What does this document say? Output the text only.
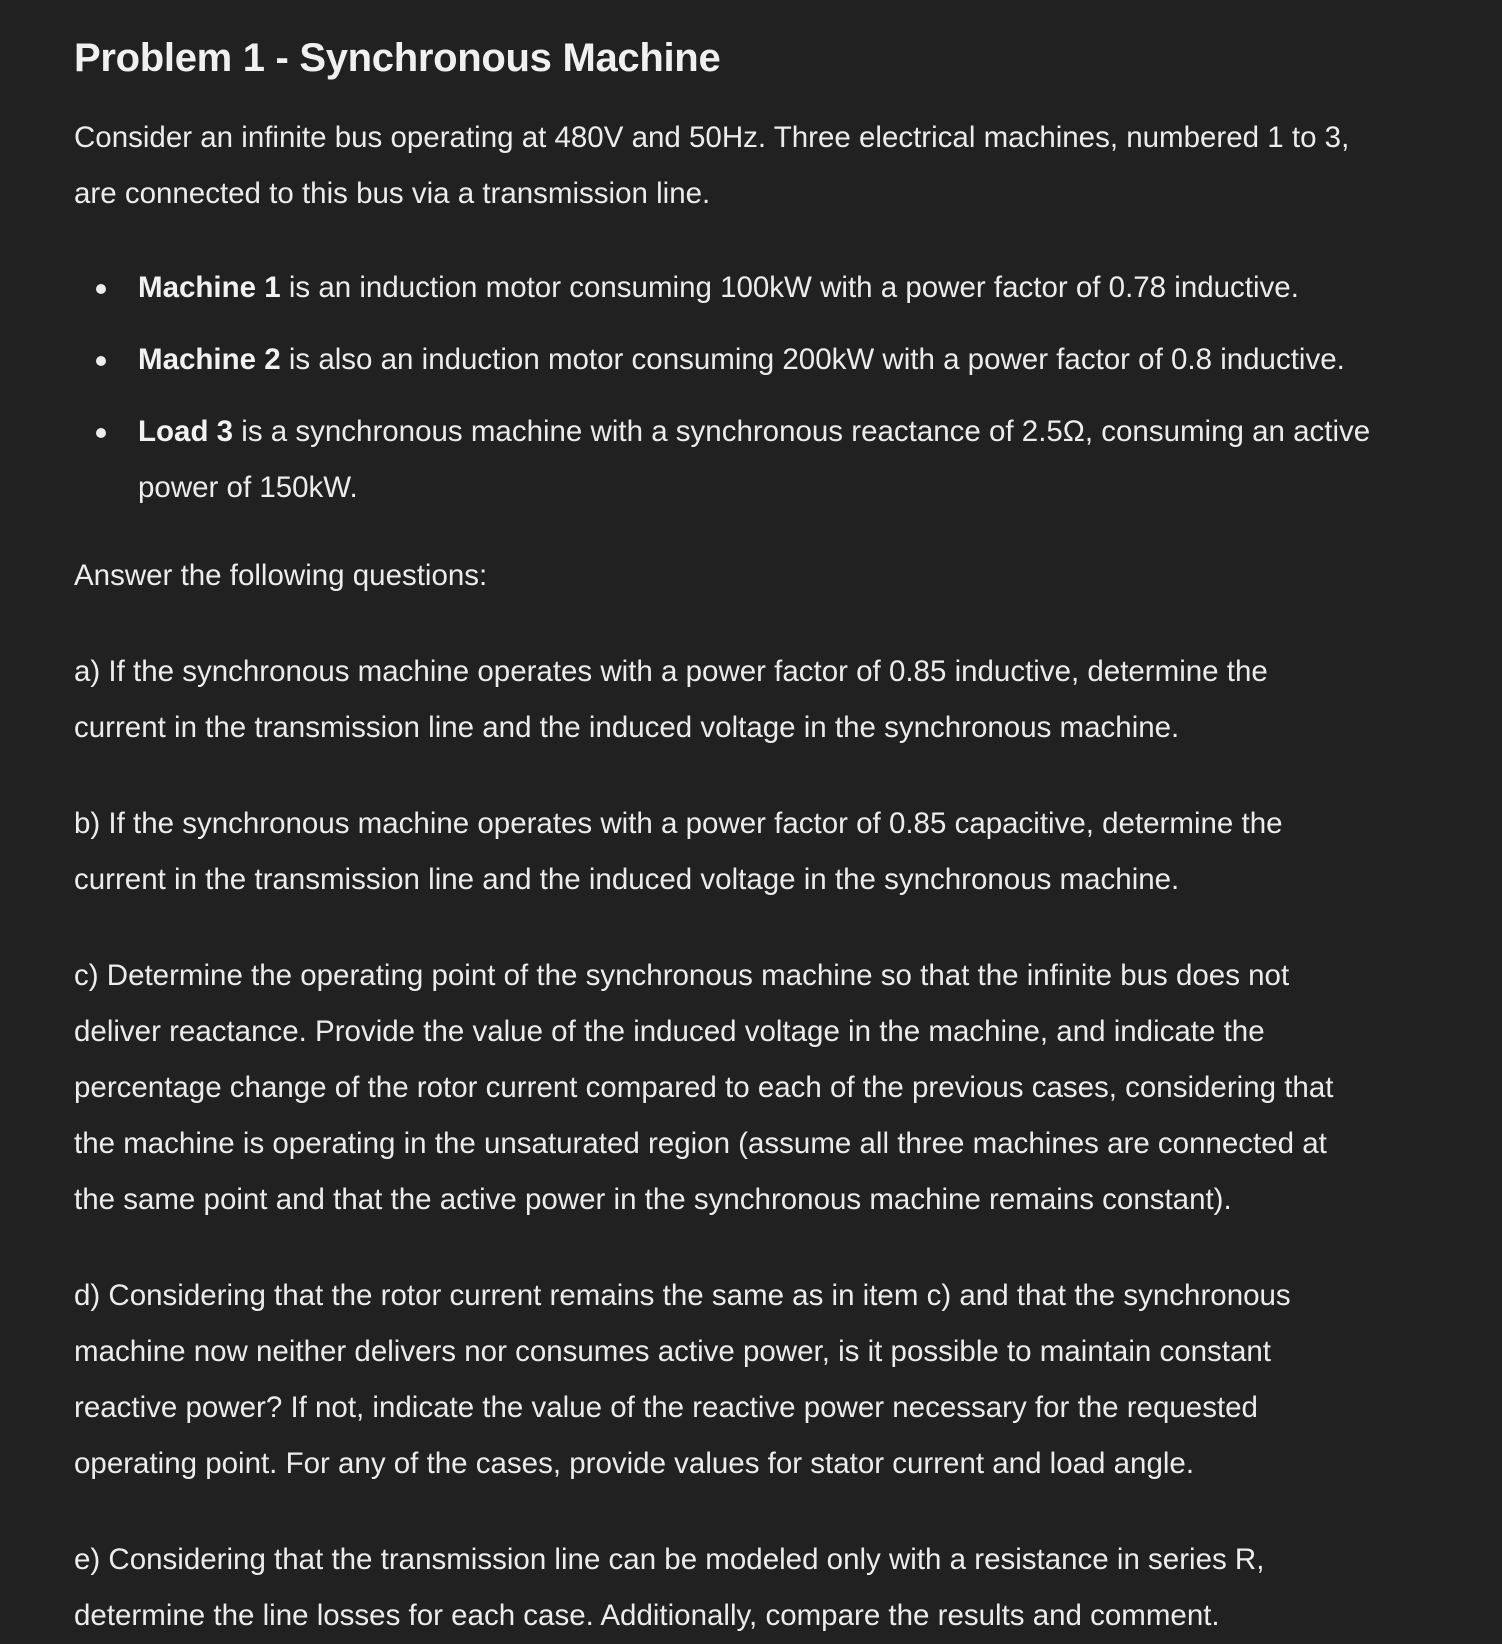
Problem 1 - Synchronous Machine

Consider an infinite bus operating at 480V and 50Hz. Three electrical machines, numbered 1 to 3,

are connected to this bus via a transmission line.

Machine 1 is an induction motor consuming 100kW with a power factor of 0.78 inductive.
Machine 2 is also an induction motor consuming 200kW with a power factor of 0.8 inductive.
Load 3 is a synchronous machine with a synchronous reactance of 2.5Ω, consuming an active
power of 150kW.

Answer the following questions:

a) If the synchronous machine operates with a power factor of 0.85 inductive, determine the
current in the transmission line and the induced voltage in the synchronous machine.
b) If the synchronous machine operates with a power factor of 0.85 capacitive, determine the
current in the transmission line and the induced voltage in the synchronous machine.
c) Determine the operating point of the synchronous machine so that the infinite bus does not
deliver reactance. Provide the value of the induced voltage in the machine, and indicate the
percentage change of the rotor current compared to each of the previous cases, considering that
the machine is operating in the unsaturated region (assume all three machines are connected at
the same point and that the active power in the synchronous machine remains constant).
d) Considering that the rotor current remains the same as in item c) and that the synchronous
machine now neither delivers nor consumes active power, is it possible to maintain constant
reactive power? If not, indicate the value of the reactive power necessary for the requested
operating point. For any of the cases, provide values for stator current and load angle.
e) Considering that the transmission line can be modeled only with a resistance in series R,
determine the line losses for each case. Additionally, compare the results and comment.
